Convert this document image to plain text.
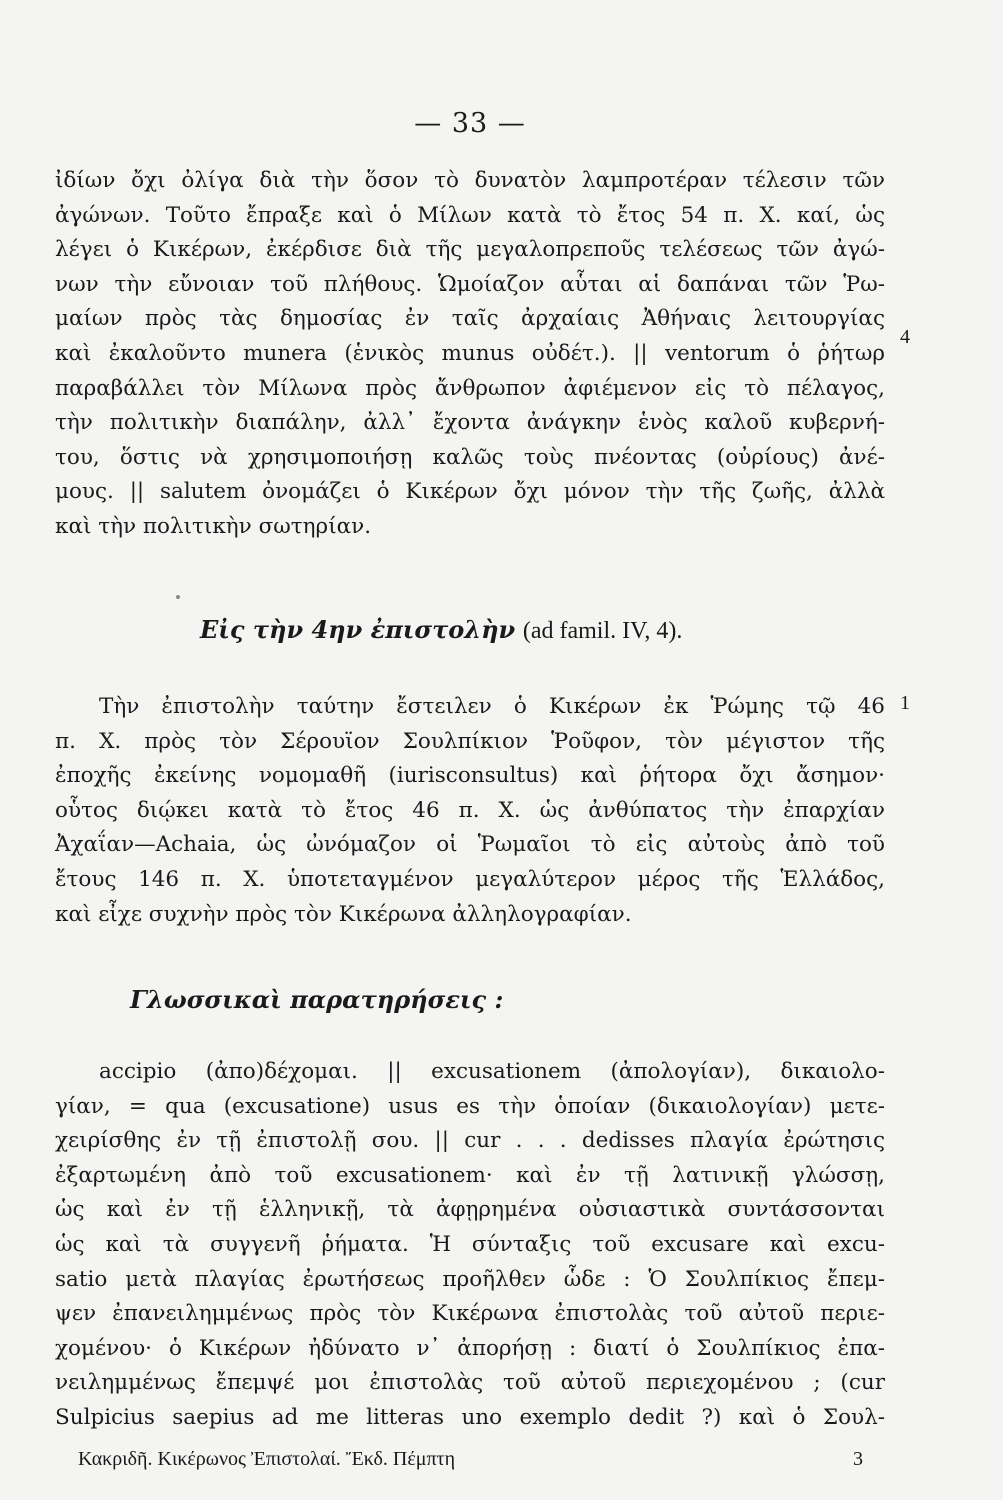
— 33 —
ἰδίων ὄχι ὀλίγα διὰ τὴν ὅσον τὸ δυνατὸν λαμπροτέραν τέλεσιν τῶν
ἀγώνων. Τοῦτο ἔπραξε καὶ ὁ Μίλων κατὰ τὸ ἔτος 54 π. Χ. καί, ὡς
λέγει ὁ Κικέρων, ἐκέρδισε διὰ τῆς μεγαλοπρεποῦς τελέσεως τῶν ἀγώ-
νων τὴν εὔνοιαν τοῦ πλήθους. Ὡμοίαζον αὗται αἱ δαπάναι τῶν Ῥω-
μαίων πρὸς τὰς δημοσίας ἐν ταῖς ἀρχαίαις Ἀθήναις λειτουργίας
καὶ ἐκαλοῦντο munera (ἑνικὸς munus οὐδέτ.). || ventorum ὁ ῥήτωρ
παραβάλλει τὸν Μίλωνα πρὸς ἄνθρωπον ἀφιέμενον εἰς τὸ πέλαγος,
τὴν πολιτικὴν διαπάλην, ἀλλ᾽ ἔχοντα ἀνάγκην ἑνὸς καλοῦ κυβερνή-
του, ὅστις νὰ χρησιμοποιήσῃ καλῶς τοὺς πνέοντας (οὐρίους) ἀνέ-
μους. || salutem ὀνομάζει ὁ Κικέρων ὄχι μόνον τὴν τῆς ζωῆς, ἀλλὰ
καὶ τὴν πολιτικὴν σωτηρίαν.
4
Εἰς τὴν 4ην ἐπιστολὴν (ad famil. IV, 4).
Τὴν ἐπιστολὴν ταύτην ἔστειλεν ὁ Κικέρων ἐκ Ῥώμης τῷ 46
π. Χ. πρὸς τὸν Σέρουϊον Σουλπίκιον Ῥοῦφον, τὸν μέγιστον τῆς
ἐποχῆς ἐκείνης νομομαθῆ (iurisconsultus) καὶ ῥήτορα ὄχι ἄσημον·
οὗτος διῴκει κατὰ τὸ ἔτος 46 π. Χ. ὡς ἀνθύπατος τὴν ἐπαρχίαν
Ἀχαΐαν—Achaia, ὡς ὠνόμαζον οἱ Ῥωμαῖοι τὸ εἰς αὐτοὺς ἀπὸ τοῦ
ἔτους 146 π. Χ. ὑποτεταγμένον μεγαλύτερον μέρος τῆς Ἑλλάδος,
καὶ εἶχε συχνὴν πρὸς τὸν Κικέρωνα ἀλληλογραφίαν.
1
Γλωσσικαὶ παρατηρήσεις :
accipio (ἀπο)δέχομαι. || excusationem (ἀπολογίαν), δικαιολο-
γίαν, = qua (excusatione) usus es τὴν ὁποίαν (δικαιολογίαν) μετε-
χειρίσθης ἐν τῇ ἐπιστολῇ σου. || cur . . . dedisses πλαγία ἐρώτησις
ἐξαρτωμένη ἀπὸ τοῦ excusationem· καὶ ἐν τῇ λατινικῇ γλώσσῃ,
ὡς καὶ ἐν τῇ ἑλληνικῇ, τὰ ἀφῃρημένα οὐσιαστικὰ συντάσσονται
ὡς καὶ τὰ συγγενῆ ῥήματα. Ἡ σύνταξις τοῦ excusare καὶ excu-
satio μετὰ πλαγίας ἐρωτήσεως προῆλθεν ὧδε : Ὁ Σουλπίκιος ἔπεμ-
ψεν ἐπανειλημμένως πρὸς τὸν Κικέρωνα ἐπιστολὰς τοῦ αὐτοῦ περιε-
χομένου· ὁ Κικέρων ἠδύνατο ν᾽ ἀπορήσῃ : διατί ὁ Σουλπίκιος ἐπα-
νειλημμένως ἔπεμψέ μοι ἐπιστολὰς τοῦ αὐτοῦ περιεχομένου ; (cur
Sulpicius saepius ad me litteras uno exemplo dedit ?) καὶ ὁ Σουλ-
Κακριδῆ. Κικέρωνος Ἐπιστολαί. Ἔκδ. Πέμπτη	3
